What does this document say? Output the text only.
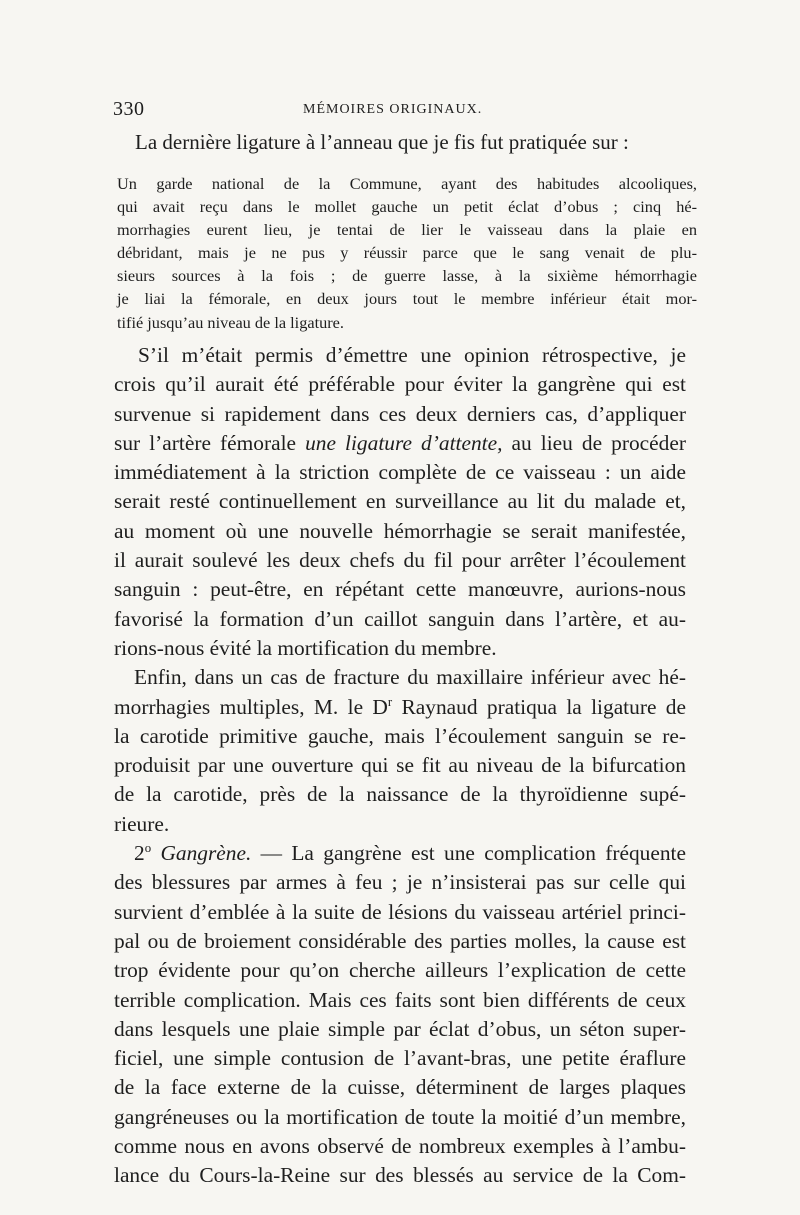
330	MÉMOIRES ORIGINAUX.
La dernière ligature à l’anneau que je fis fut pratiquée sur :
Un garde national de la Commune, ayant des habitudes alcooliques,
qui avait reçu dans le mollet gauche un petit éclat d’obus ; cinq hé-
morrhagies eurent lieu, je tentai de lier le vaisseau dans la plaie en
débridant, mais je ne pus y réussir parce que le sang venait de plu-
sieurs sources à la fois ; de guerre lasse, à la sixième hémorrhagie
je liai la fémorale, en deux jours tout le membre inférieur était mor-
tifié jusqu’au niveau de la ligature.
S’il m’était permis d’émettre une opinion rétrospective, je
crois qu’il aurait été préférable pour éviter la gangrène qui est
survenue si rapidement dans ces deux derniers cas, d’appliquer
sur l’artère fémorale une ligature d’attente, au lieu de procéder
immédiatement à la striction complète de ce vaisseau : un aide
serait resté continuellement en surveillance au lit du malade et,
au moment où une nouvelle hémorrhagie se serait manifestée,
il aurait soulevé les deux chefs du fil pour arrêter l’écoulement
sanguin : peut-être, en répétant cette manœuvre, aurions-nous
favorisé la formation d’un caillot sanguin dans l’artère, et au-
rions-nous évité la mortification du membre.
Enfin, dans un cas de fracture du maxillaire inférieur avec hé-
morrhagies multiples, M. le $D^r$ Raynaud pratiqua la ligature de
la carotide primitive gauche, mais l’écoulement sanguin se re-
produisit par une ouverture qui se fit au niveau de la bifurcation
de la carotide, près de la naissance de la thyroïdienne supé-
rieure.
2$^o$ Gangrène. — La gangrène est une complication fréquente
des blessures par armes à feu ; je n’insisterai pas sur celle qui
survient d’emblée à la suite de lésions du vaisseau artériel princi-
pal ou de broiement considérable des parties molles, la cause est
trop évidente pour qu’on cherche ailleurs l’explication de cette
terrible complication. Mais ces faits sont bien différents de ceux
dans lesquels une plaie simple par éclat d’obus, un séton super-
ficiel, une simple contusion de l’avant-bras, une petite éraflure
de la face externe de la cuisse, déterminent de larges plaques
gangréneuses ou la mortification de toute la moitié d’un membre,
comme nous en avons observé de nombreux exemples à l’ambu-
lance du Cours-la-Reine sur des blessés au service de la Com-
